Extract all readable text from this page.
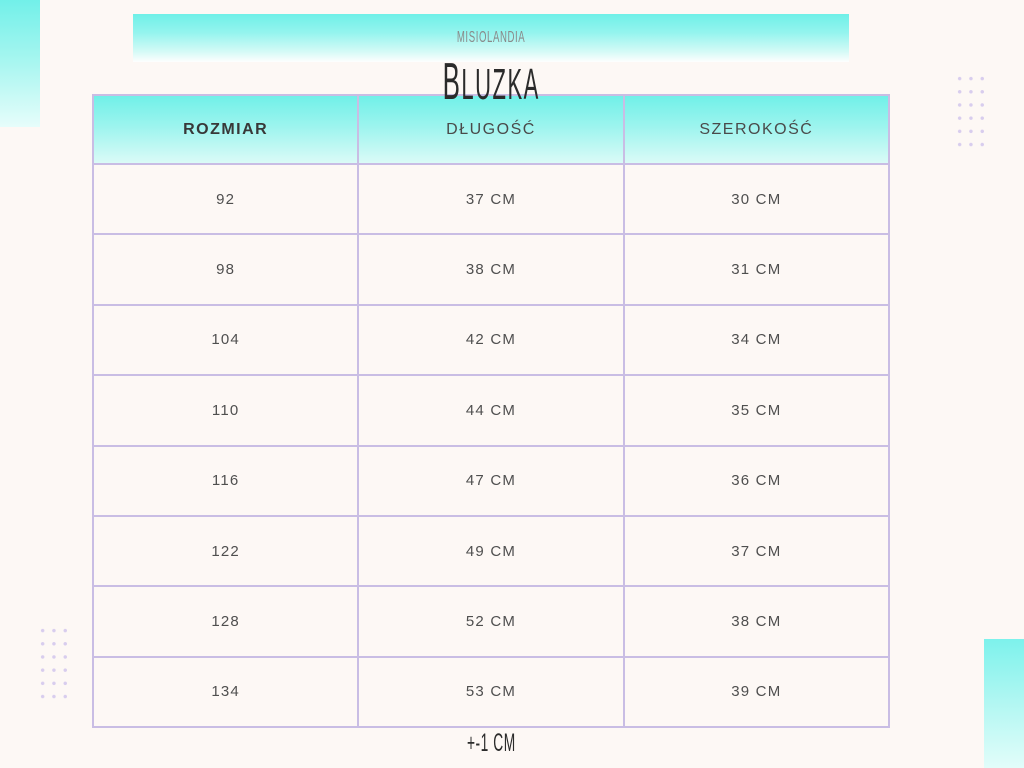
MISIOLANDIA
BLUZKA
ROZMIAR	DŁUGOŚĆ	SZEROKOŚĆ
92	37 CM	30 CM
98	38 CM	31 CM
104	42 CM	34 CM
110	44 CM	35 CM
116	47 CM	36 CM
122	49 CM	37 CM
128	52 CM	38 CM
134	53 CM	39 CM
+-1 CM
